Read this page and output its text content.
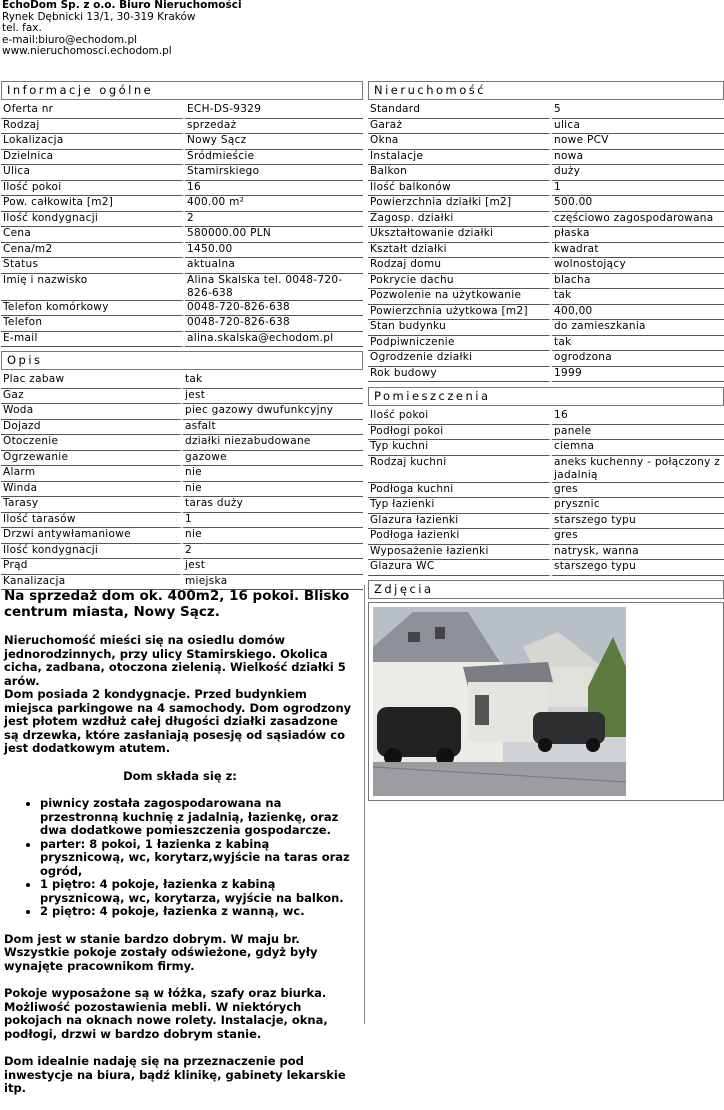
EchoDom Sp. z o.o. Biuro Nieruchomości
Rynek Dębnicki 13/1, 30-319 Kraków
tel. fax.
e-mail:biuro@echodom.pl
www.nieruchomosci.echodom.pl
Informacje ogólne
Oferta nr	ECH-DS-9329
Rodzaj	sprzedaż
Lokalizacja	Nowy Sącz
Dzielnica	Śródmieście
Ulica	Stamirskiego
Ilość pokoi	16
Pow. całkowita [m2]	400.00 m²
Ilość kondygnacji	2
Cena	580000.00 PLN
Cena/m2	1450.00
Status	aktualna
Imię i nazwisko	Alina Skalska tel. 0048-720-826-638
Telefon komórkowy	0048-720-826-638
Telefon	0048-720-826-638
E-mail	alina.skalska@echodom.pl
Opis
Plac zabaw	tak
Gaz	jest
Woda	piec gazowy dwufunkcyjny
Dojazd	asfalt
Otoczenie	działki niezabudowane
Ogrzewanie	gazowe
Alarm	nie
Winda	nie
Tarasy	taras duży
Ilość tarasów	1
Drzwi antywłamaniowe	nie
Ilość kondygnacji	2
Prąd	jest
Kanalizacja	miejska
Nieruchomość
Standard	5
Garaż	ulica
Okna	nowe PCV
Instalacje	nowa
Balkon	duży
Ilość balkonów	1
Powierzchnia działki [m2]	500.00
Zagosp. działki	częściowo zagospodarowana
Ukształtowanie działki	płaska
Kształt działki	kwadrat
Rodzaj domu	wolnostojący
Pokrycie dachu	blacha
Pozwolenie na użytkowanie	tak
Powierzchnia użytkowa [m2]	400,00
Stan budynku	do zamieszkania
Podpiwniczenie	tak
Ogrodzenie działki	ogrodzona
Rok budowy	1999
Pomieszczenia
Ilość pokoi	16
Podłogi pokoi	panele
Typ kuchni	ciemna
Rodzaj kuchni	aneks kuchenny - połączony z jadalnią
Podłoga kuchni	gres
Typ łazienki	prysznic
Glazura łazienki	starszego typu
Podłoga łazienki	gres
Wyposażenie łazienki	natrysk, wanna
Glazura WC	starszego typu
Zdjęcia
Na sprzedaż dom ok. 400m2, 16 pokoi. Blisko centrum miasta, Nowy Sącz.

Nieruchomość mieści się na osiedlu domów jednorodzinnych, przy ulicy Stamirskiego. Okolica cicha, zadbana, otoczona zielenią. Wielkość działki 5 arów.
Dom posiada 2 kondygnacje. Przed budynkiem miejsca parkingowe na 4 samochody. Dom ogrodzony jest płotem wzdłuż całej długości działki zasadzone są drzewka, które zasłaniają posesję od sąsiadów co jest dodatkowym atutem.

Dom składa się z:
• piwnicy została zagospodarowana na przestronną kuchnię z jadalnią, łazienkę, oraz dwa dodatkowe pomieszczenia gospodarcze.
• parter: 8 pokoi, 1 łazienka z kabiną prysznicową, wc, korytarz,wyjście na taras oraz ogród,
• 1 piętro: 4 pokoje, łazienka z kabiną prysznicową, wc, korytarza, wyjście na balkon.
• 2 piętro: 4 pokoje, łazienka z wanną, wc.

Dom jest w stanie bardzo dobrym. W maju br. Wszystkie pokoje zostały odświeżone, gdyż były wynajęte pracownikom firmy.

Pokoje wyposażone są w łóżka, szafy oraz biurka. Możliwość pozostawienia mebli. W niektórych pokojach na oknach nowe rolety. Instalacje, okna, podłogi, drzwi w bardzo dobrym stanie.

Dom idealnie nadaję się na przeznaczenie pod inwestycje na biura, bądź klinikę, gabinety lekarskie itp.
